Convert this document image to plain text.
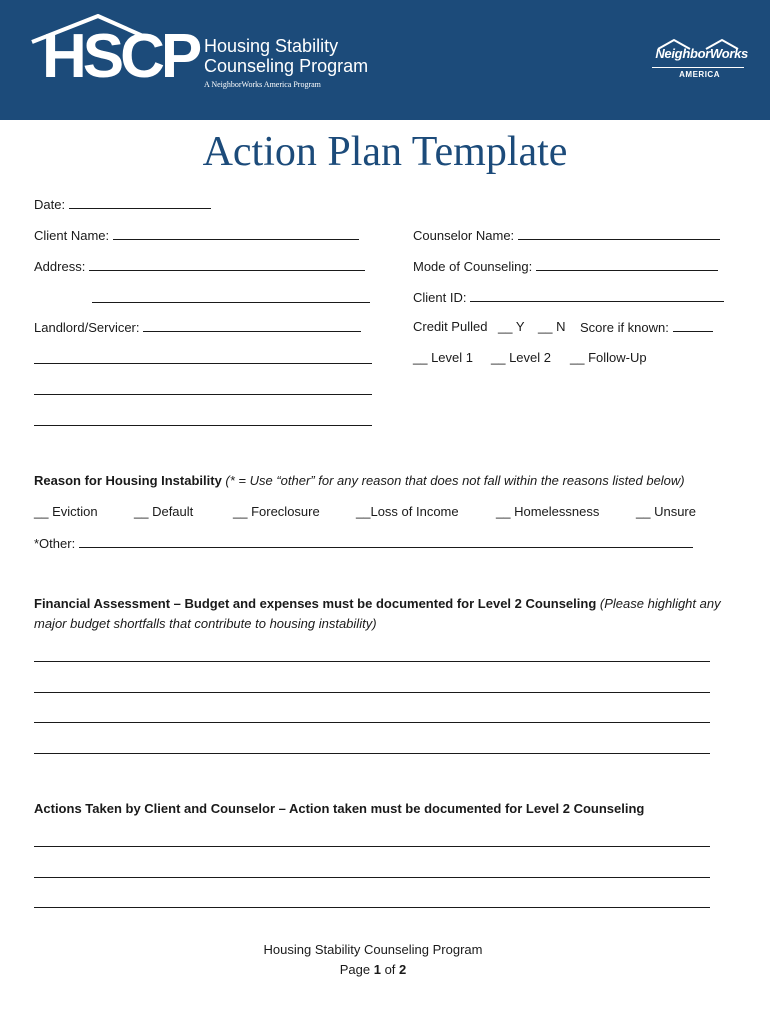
HSCP Housing Stability
Counseling Program
A NeighborWorks America Program
NeighborWorks
AMERICA
Action Plan Template
Date:
Client Name:	Counselor Name:
Address:	Mode of Counseling:
Client ID:
Landlord/Servicer:	Credit Pulled __ Y __ N Score if known:
__ Level 1 __ Level 2 __ Follow-Up
Reason for Housing Instability (* = Use “other” for any reason that does not fall within the reasons listed below)
__ Eviction	__ Default	__ Foreclosure	__Loss of Income	__ Homelessness	__ Unsure
*Other:
Financial Assessment – Budget and expenses must be documented for Level 2 Counseling (Please highlight any
major budget shortfalls that contribute to housing instability)
Actions Taken by Client and Counselor – Action taken must be documented for Level 2 Counseling
Housing Stability Counseling Program
Page 1 of 2
